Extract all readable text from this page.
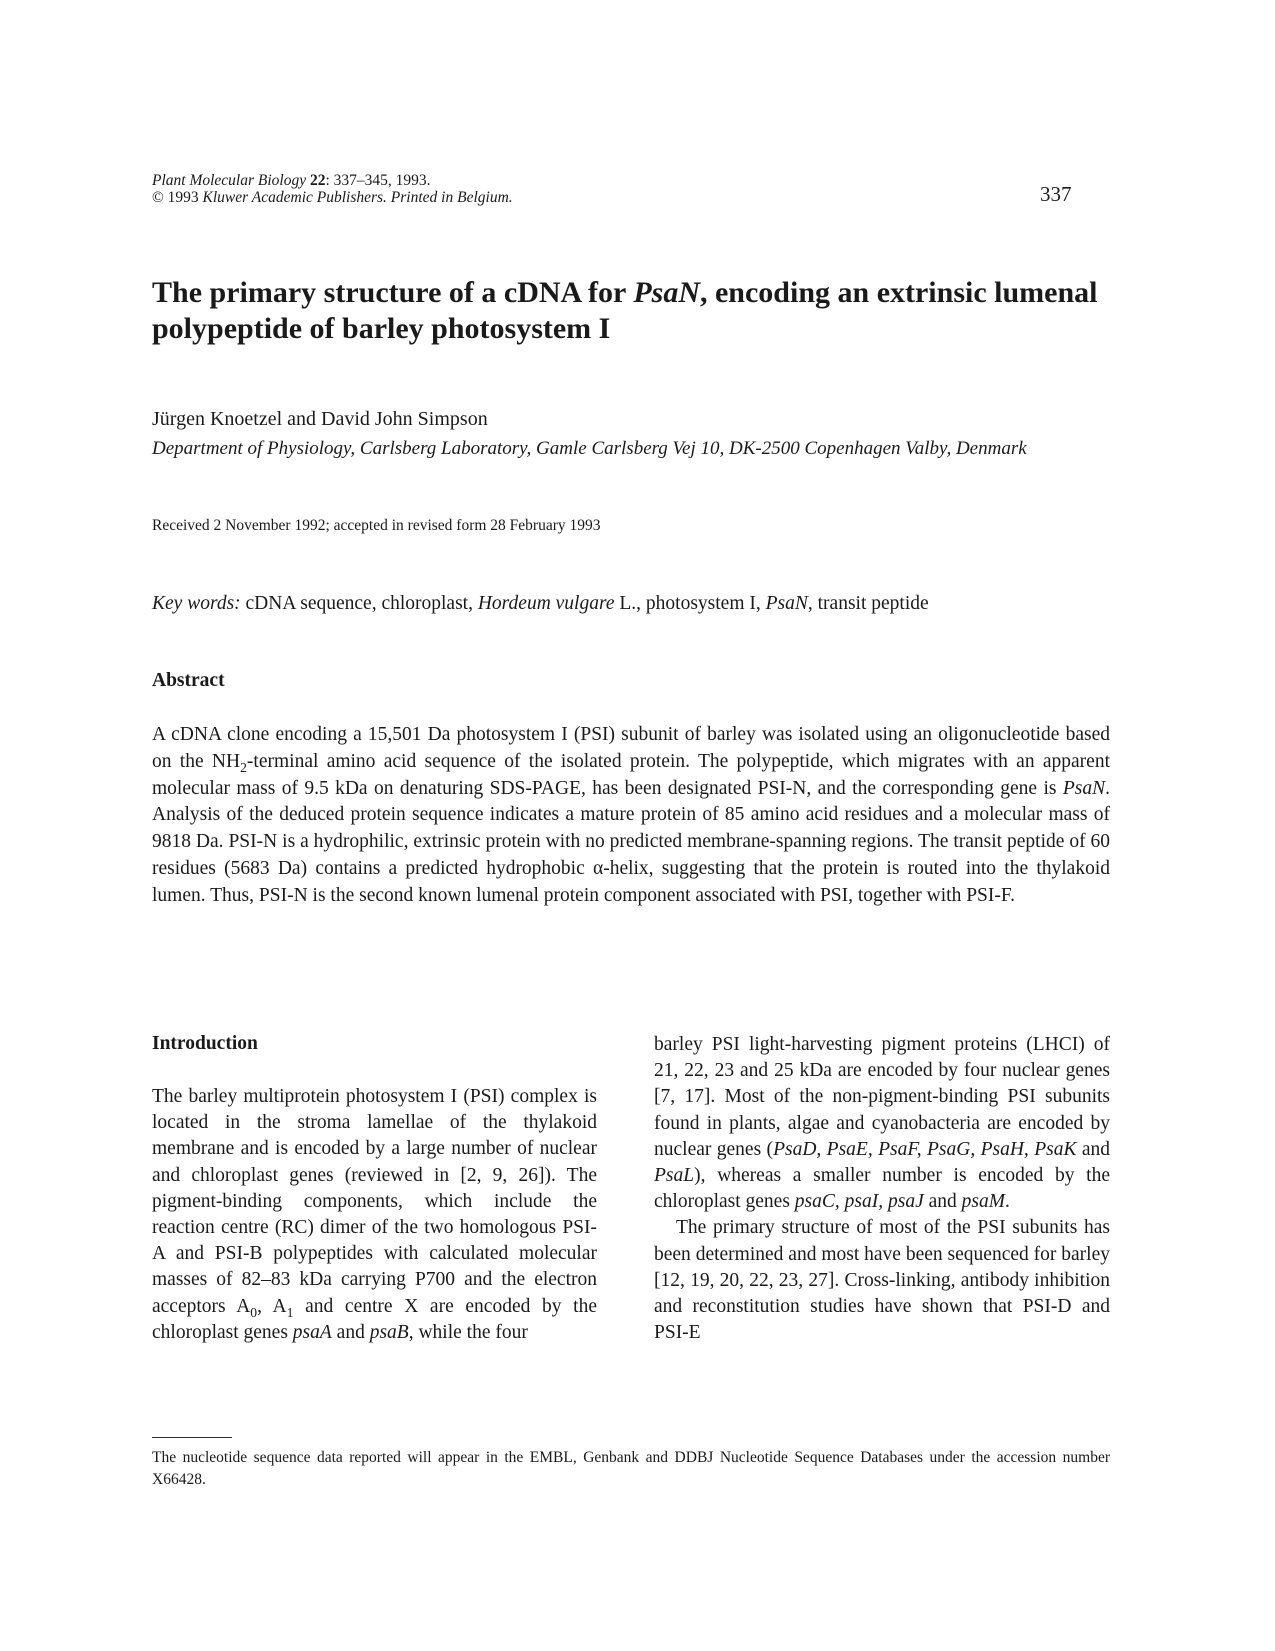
Plant Molecular Biology 22: 337–345, 1993.
© 1993 Kluwer Academic Publishers. Printed in Belgium.	337
The primary structure of a cDNA for PsaN, encoding an extrinsic lumenal polypeptide of barley photosystem I
Jürgen Knoetzel and David John Simpson
Department of Physiology, Carlsberg Laboratory, Gamle Carlsberg Vej 10, DK-2500 Copenhagen Valby, Denmark
Received 2 November 1992; accepted in revised form 28 February 1993
Key words: cDNA sequence, chloroplast, Hordeum vulgare L., photosystem I, PsaN, transit peptide
Abstract

A cDNA clone encoding a 15,501 Da photosystem I (PSI) subunit of barley was isolated using an oligonucleotide based on the $NH_2$-terminal amino acid sequence of the isolated protein. The polypeptide, which migrates with an apparent molecular mass of 9.5 kDa on denaturing SDS-PAGE, has been designated PSI-N, and the corresponding gene is PsaN. Analysis of the deduced protein sequence indicates a mature protein of 85 amino acid residues and a molecular mass of 9818 Da. PSI-N is a hydrophilic, extrinsic protein with no predicted membrane-spanning regions. The transit peptide of 60 residues (5683 Da) contains a predicted hydrophobic α-helix, suggesting that the protein is routed into the thylakoid lumen. Thus, PSI-N is the second known lumenal protein component associated with PSI, together with PSI-F.

Introduction

The barley multiprotein photosystem I (PSI) complex is located in the stroma lamellae of the thylakoid membrane and is encoded by a large number of nuclear and chloroplast genes (reviewed in [2, 9, 26]). The pigment-binding components, which include the reaction centre (RC) dimer of the two homologous PSI-A and PSI-B polypeptides with calculated molecular masses of 82–83 kDa carrying P700 and the electron acceptors $A_0$, $A_1$ and centre X are encoded by the chloroplast genes psaA and psaB, while the four

barley PSI light-harvesting pigment proteins (LHCI) of 21, 22, 23 and 25 kDa are encoded by four nuclear genes [7, 17]. Most of the non-pigment-binding PSI subunits found in plants, algae and cyanobacteria are encoded by nuclear genes (PsaD, PsaE, PsaF, PsaG, PsaH, PsaK and PsaL), whereas a smaller number is encoded by the chloroplast genes psaC, psaI, psaJ and psaM.

The primary structure of most of the PSI subunits has been determined and most have been sequenced for barley [12, 19, 20, 22, 23, 27]. Cross-linking, antibody inhibition and reconstitution studies have shown that PSI-D and PSI-E

The nucleotide sequence data reported will appear in the EMBL, Genbank and DDBJ Nucleotide Sequence Databases under the accession number X66428.
